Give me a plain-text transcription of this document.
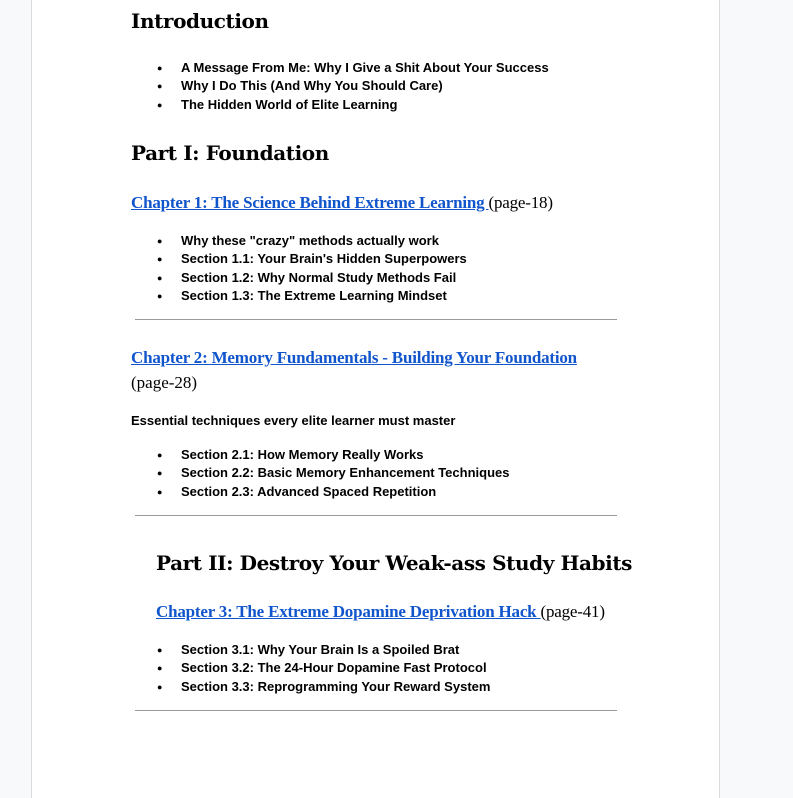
Introduction
● A Message From Me: Why I Give a Shit About Your Success
● Why I Do This (And Why You Should Care)
● The Hidden World of Elite Learning
Part I: Foundation
Chapter 1: The Science Behind Extreme Learning (page-18)
● Why these "crazy" methods actually work
● Section 1.1: Your Brain's Hidden Superpowers
● Section 1.2: Why Normal Study Methods Fail
● Section 1.3: The Extreme Learning Mindset
Chapter 2: Memory Fundamentals - Building Your Foundation
(page-28)
Essential techniques every elite learner must master
● Section 2.1: How Memory Really Works
● Section 2.2: Basic Memory Enhancement Techniques
● Section 2.3: Advanced Spaced Repetition
Part II: Destroy Your Weak-ass Study Habits
Chapter 3: The Extreme Dopamine Deprivation Hack (page-41)
● Section 3.1: Why Your Brain Is a Spoiled Brat
● Section 3.2: The 24-Hour Dopamine Fast Protocol
● Section 3.3: Reprogramming Your Reward System
